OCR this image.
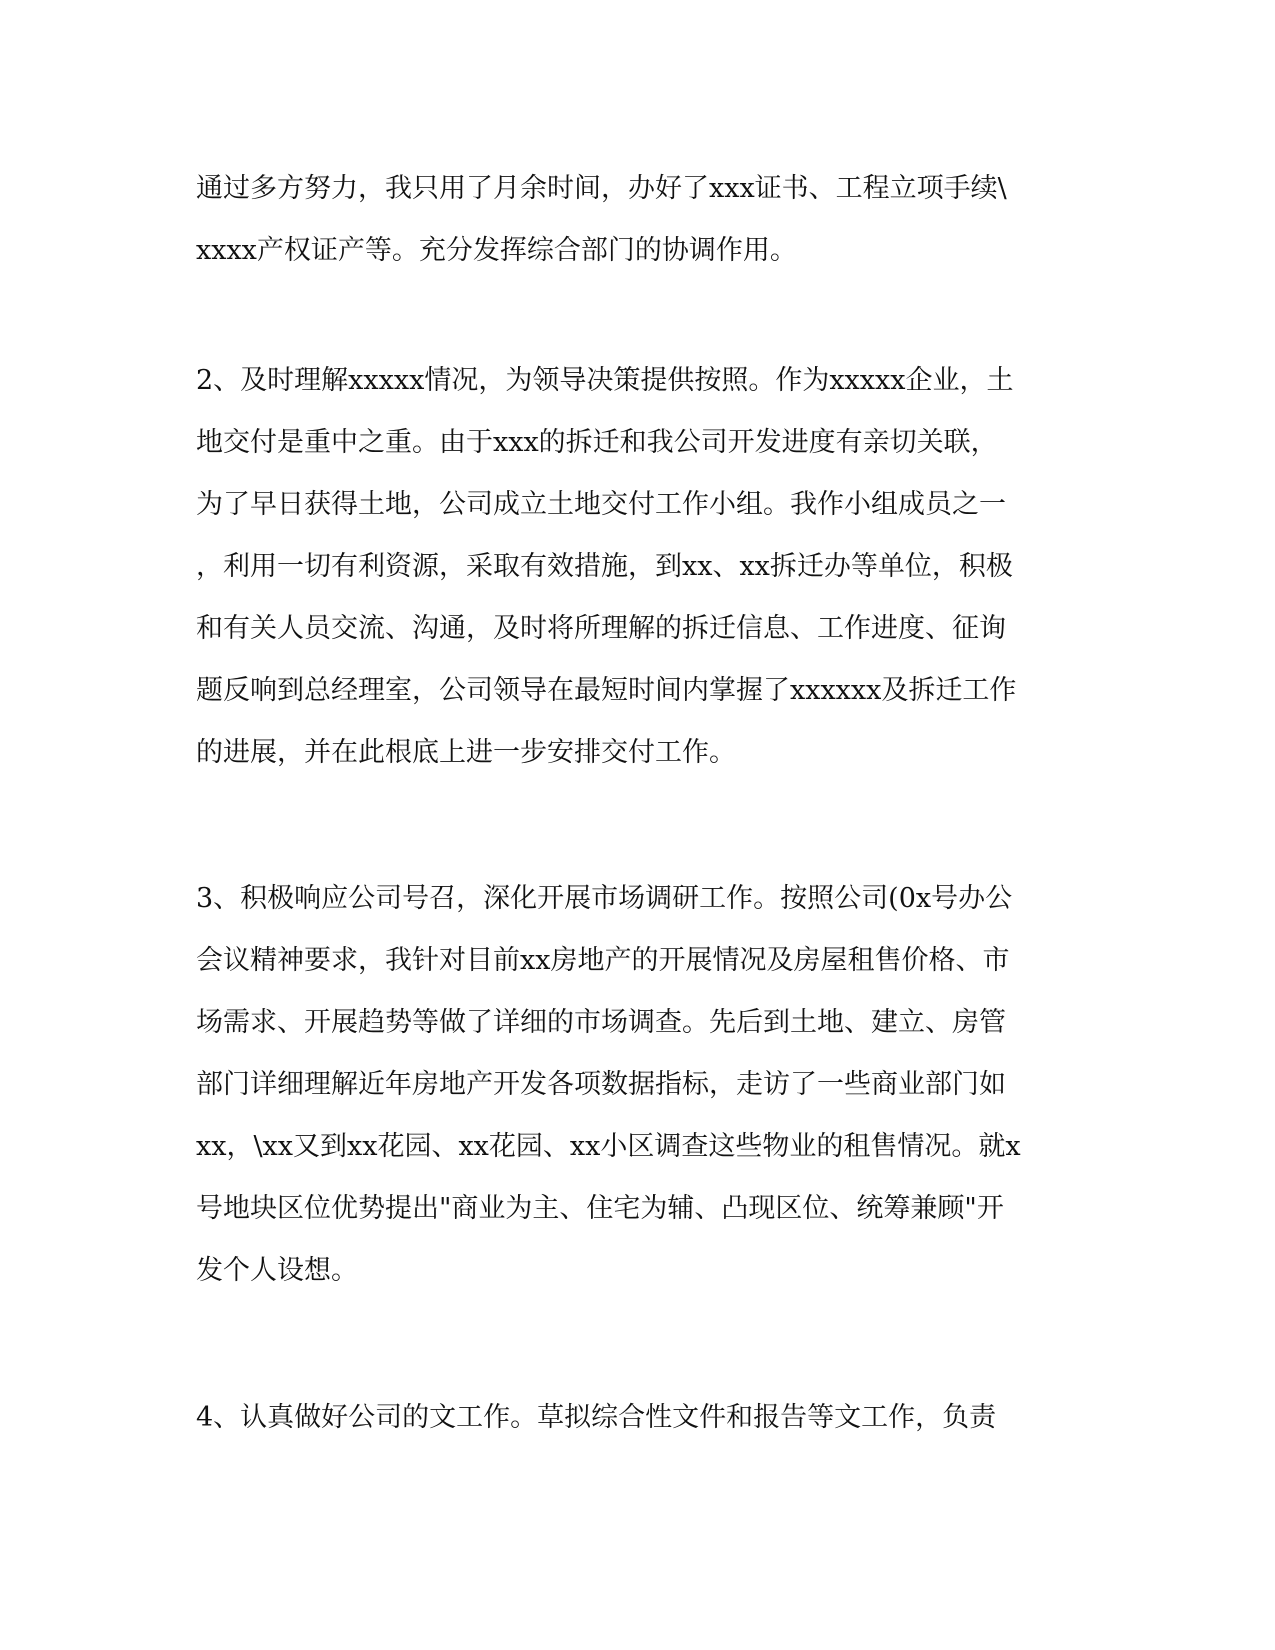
通过多方努力，我只用了月余时间，办好了xxx证书、工程立项手续\
xxxx产权证产等。充分发挥综合部门的协调作用。
2、及时理解xxxxx情况，为领导决策提供按照。作为xxxxx企业，土
地交付是重中之重。由于xxx的拆迁和我公司开发进度有亲切关联，
为了早日获得土地，公司成立土地交付工作小组。我作小组成员之一
，利用一切有利资源，采取有效措施，到xx、xx拆迁办等单位，积极
和有关人员交流、沟通，及时将所理解的拆迁信息、工作进度、征询
题反响到总经理室，公司领导在最短时间内掌握了xxxxxx及拆迁工作
的进展，并在此根底上进一步安排交付工作。
3、积极响应公司号召，深化开展市场调研工作。按照公司(0x号办公
会议精神要求，我针对目前xx房地产的开展情况及房屋租售价格、市
场需求、开展趋势等做了详细的市场调查。先后到土地、建立、房管
部门详细理解近年房地产开发各项数据指标，走访了一些商业部门如
xx，\xx又到xx花园、xx花园、xx小区调查这些物业的租售情况。就x
号地块区位优势提出"商业为主、住宅为辅、凸现区位、统筹兼顾"开
发个人设想。
4、认真做好公司的文工作。草拟综合性文件和报告等文工作，负责
